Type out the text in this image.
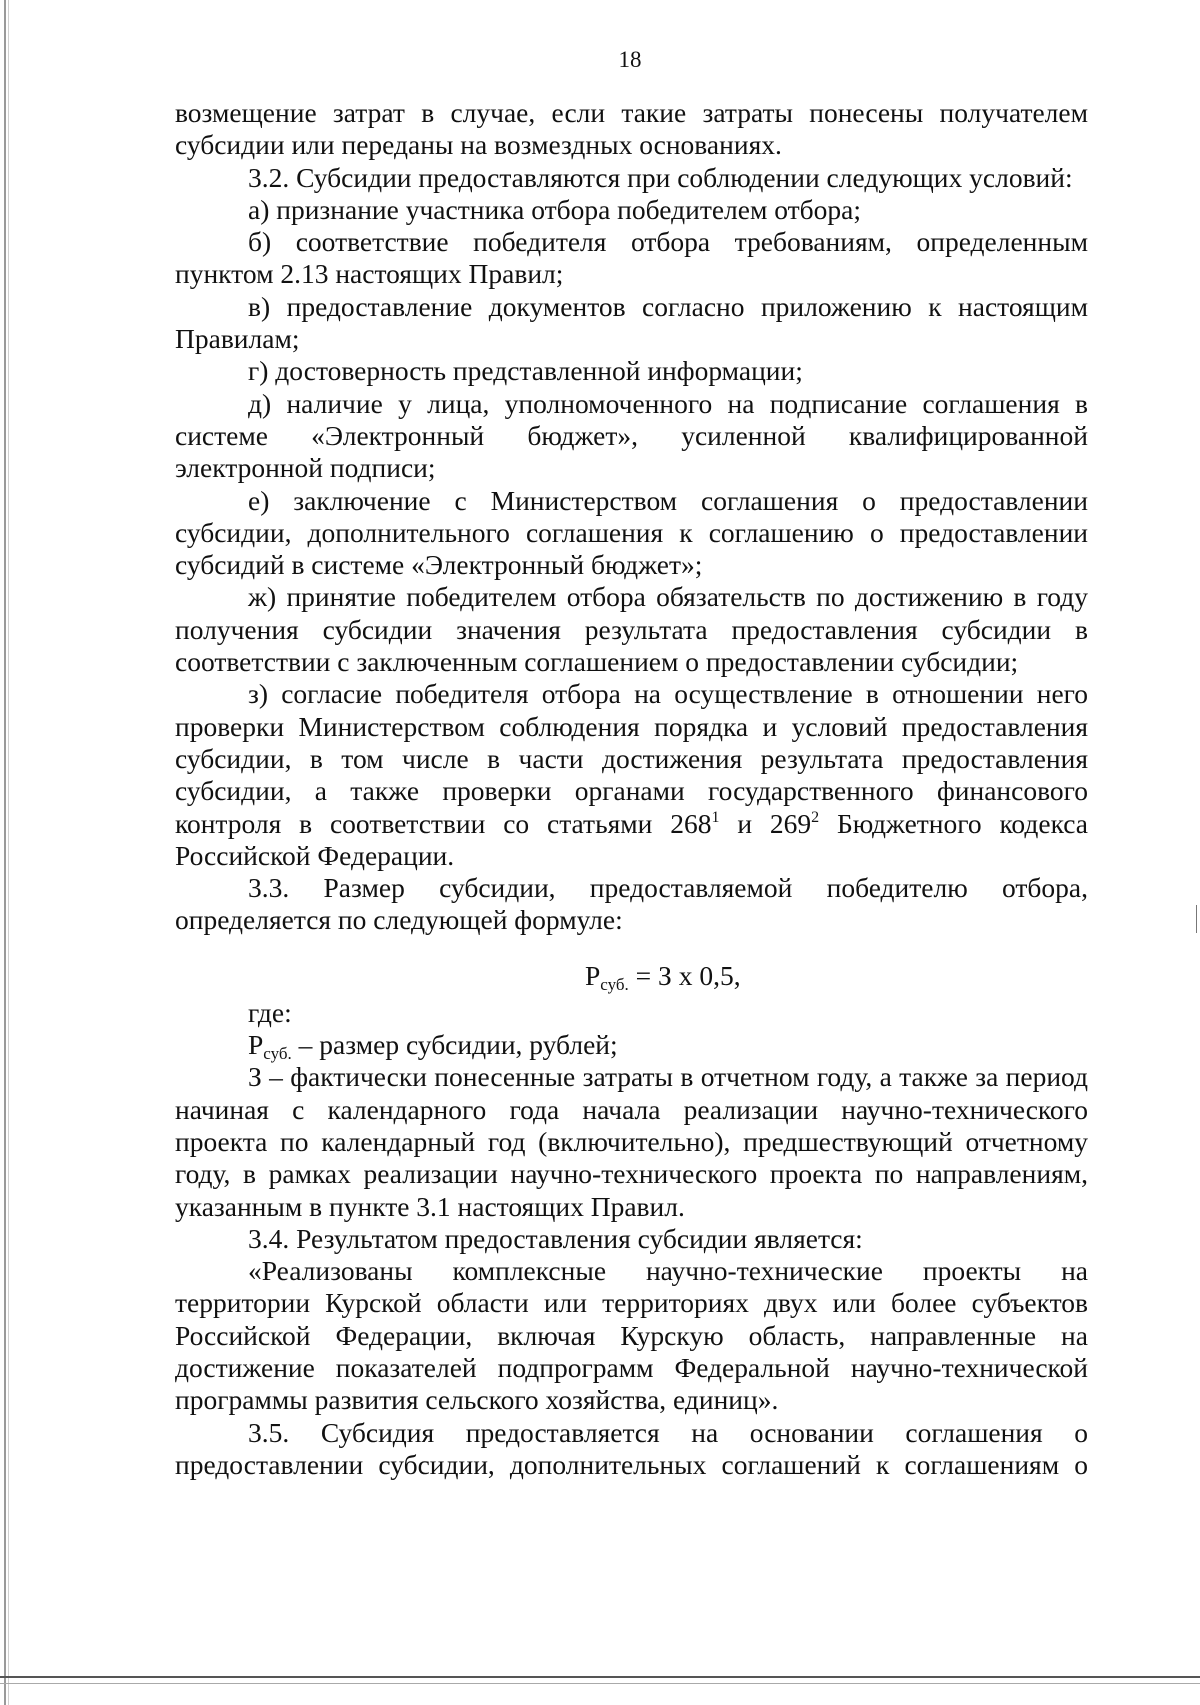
18

возмещение затрат в случае, если такие затраты понесены получателем субсидии или переданы на возмездных основаниях.

3.2. Субсидии предоставляются при соблюдении следующих условий:

а) признание участника отбора победителем отбора;

б) соответствие победителя отбора требованиям, определенным пунктом 2.13 настоящих Правил;

в) предоставление документов согласно приложению к настоящим Правилам;

г) достоверность представленной информации;

д) наличие у лица, уполномоченного на подписание соглашения в системе «Электронный бюджет», усиленной квалифицированной электронной подписи;

е) заключение с Министерством соглашения о предоставлении субсидии, дополнительного соглашения к соглашению о предоставлении субсидий в системе «Электронный бюджет»;

ж) принятие победителем отбора обязательств по достижению в году получения субсидии значения результата предоставления субсидии в соответствии с заключенным соглашением о предоставлении субсидии;

з) согласие победителя отбора на осуществление в отношении него проверки Министерством соблюдения порядка и условий предоставления субсидии, в том числе в части достижения результата предоставления субсидии, а также проверки органами государственного финансового контроля в соответствии со статьями $268^1$ и $269^2$ Бюджетного кодекса Российской Федерации.

3.3. Размер субсидии, предоставляемой победителю отбора, определяется по следующей формуле:

$Р_{суб.} = З$ х 0,5,

где:

$Р_{суб.}$ – размер субсидии, рублей;

З – фактически понесенные затраты в отчетном году, а также за период начиная с календарного года начала реализации научно-технического проекта по календарный год (включительно), предшествующий отчетному году, в рамках реализации научно-технического проекта по направлениям, указанным в пункте 3.1 настоящих Правил.

3.4. Результатом предоставления субсидии является:

«Реализованы комплексные научно-технические проекты на территории Курской области или территориях двух или более субъектов Российской Федерации, включая Курскую область, направленные на достижение показателей подпрограмм Федеральной научно-технической программы развития сельского хозяйства, единиц».

3.5. Субсидия предоставляется на основании соглашения о предоставлении субсидии, дополнительных соглашений к соглашениям о
